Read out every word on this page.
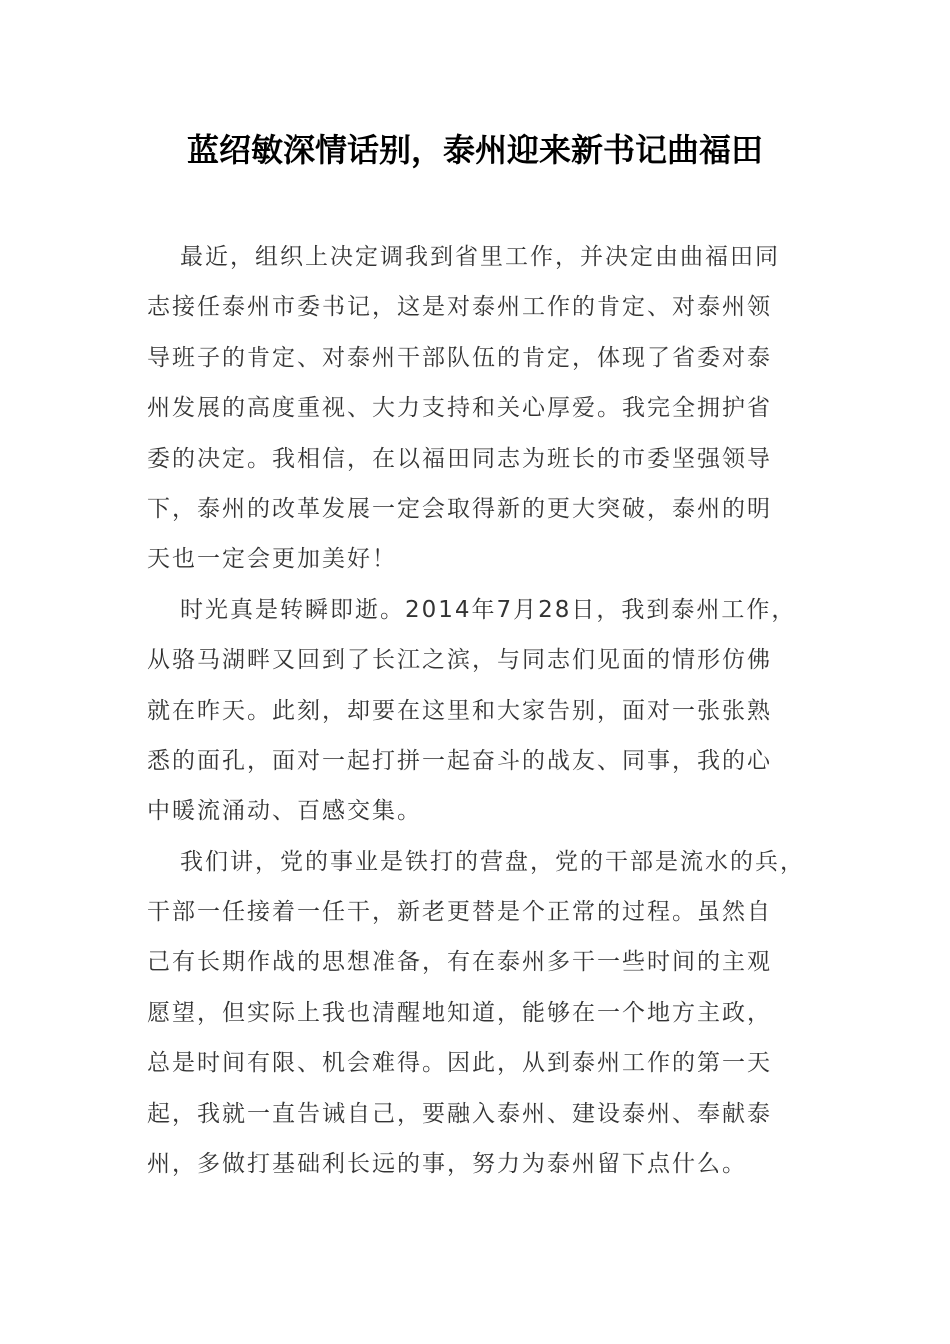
蓝绍敏深情话别，泰州迎来新书记曲福田
最近，组织上决定调我到省里工作，并决定由曲福田同
志接任泰州市委书记，这是对泰州工作的肯定、对泰州领
导班子的肯定、对泰州干部队伍的肯定，体现了省委对泰
州发展的高度重视、大力支持和关心厚爱。我完全拥护省
委的决定。我相信，在以福田同志为班长的市委坚强领导
下，泰州的改革发展一定会取得新的更大突破，泰州的明
天也一定会更加美好！
时光真是转瞬即逝。2014年7月28日，我到泰州工作，
从骆马湖畔又回到了长江之滨，与同志们见面的情形仿佛
就在昨天。此刻，却要在这里和大家告别，面对一张张熟
悉的面孔，面对一起打拼一起奋斗的战友、同事，我的心
中暖流涌动、百感交集。
我们讲，党的事业是铁打的营盘，党的干部是流水的兵，
干部一任接着一任干，新老更替是个正常的过程。虽然自
己有长期作战的思想准备，有在泰州多干一些时间的主观
愿望，但实际上我也清醒地知道，能够在一个地方主政，
总是时间有限、机会难得。因此，从到泰州工作的第一天
起，我就一直告诫自己，要融入泰州、建设泰州、奉献泰
州，多做打基础利长远的事，努力为泰州留下点什么。
